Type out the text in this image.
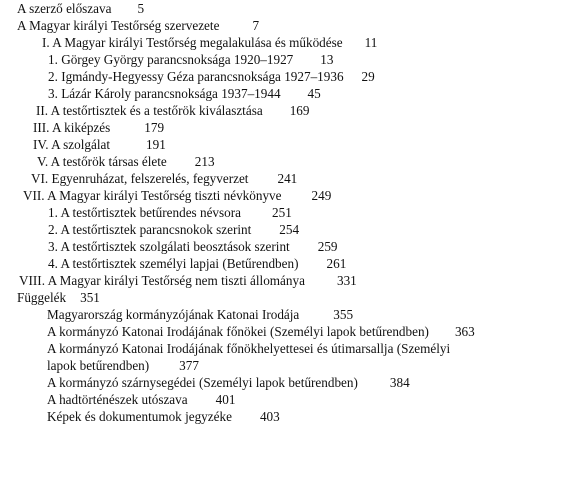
A szerző előszava 5
A Magyar királyi Testőrség szervezete	7
I. A Magyar királyi Testőrség megalakulása és működése 11
1. Görgey György parancsnoksága 1920–1927 13
2. Igmándy-Hegyessy Géza parancsnoksága 1927–1936 29
3. Lázár Károly parancsnoksága 1937–1944 45
II. A testőrtisztek és a testőrök kiválasztása 169
III. A kiképzés	179
IV. A szolgálat	191
V. A testőrök társas élete 213
VI. Egyenruházat, felszerelés, fegyverzet 241
VII. A Magyar királyi Testőrség tiszti névkönyve 249
1. A testőrtisztek betűrendes névsora 251
2. A testőrtisztek parancsnokok szerint 254
3. A testőrtisztek szolgálati beosztások szerint 259
4. A testőrtisztek személyi lapjai (Betűrendben) 261
VIII. A Magyar királyi Testőrség nem tiszti állománya 331
Függelék 351
Magyarország kormányzójának Katonai Irodája	355
A kormányzó Katonai Irodájának főnökei (Személyi lapok betűrendben) 363
A kormányzó Katonai Irodájának főnökhelyettesei és útimarsallja (Személyi
lapok betűrendben) 377
A kormányzó szárnysegédei (Személyi lapok betűrendben) 384
A hadtörténészek utószava 401
Képek és dokumentumok jegyzéke 403
